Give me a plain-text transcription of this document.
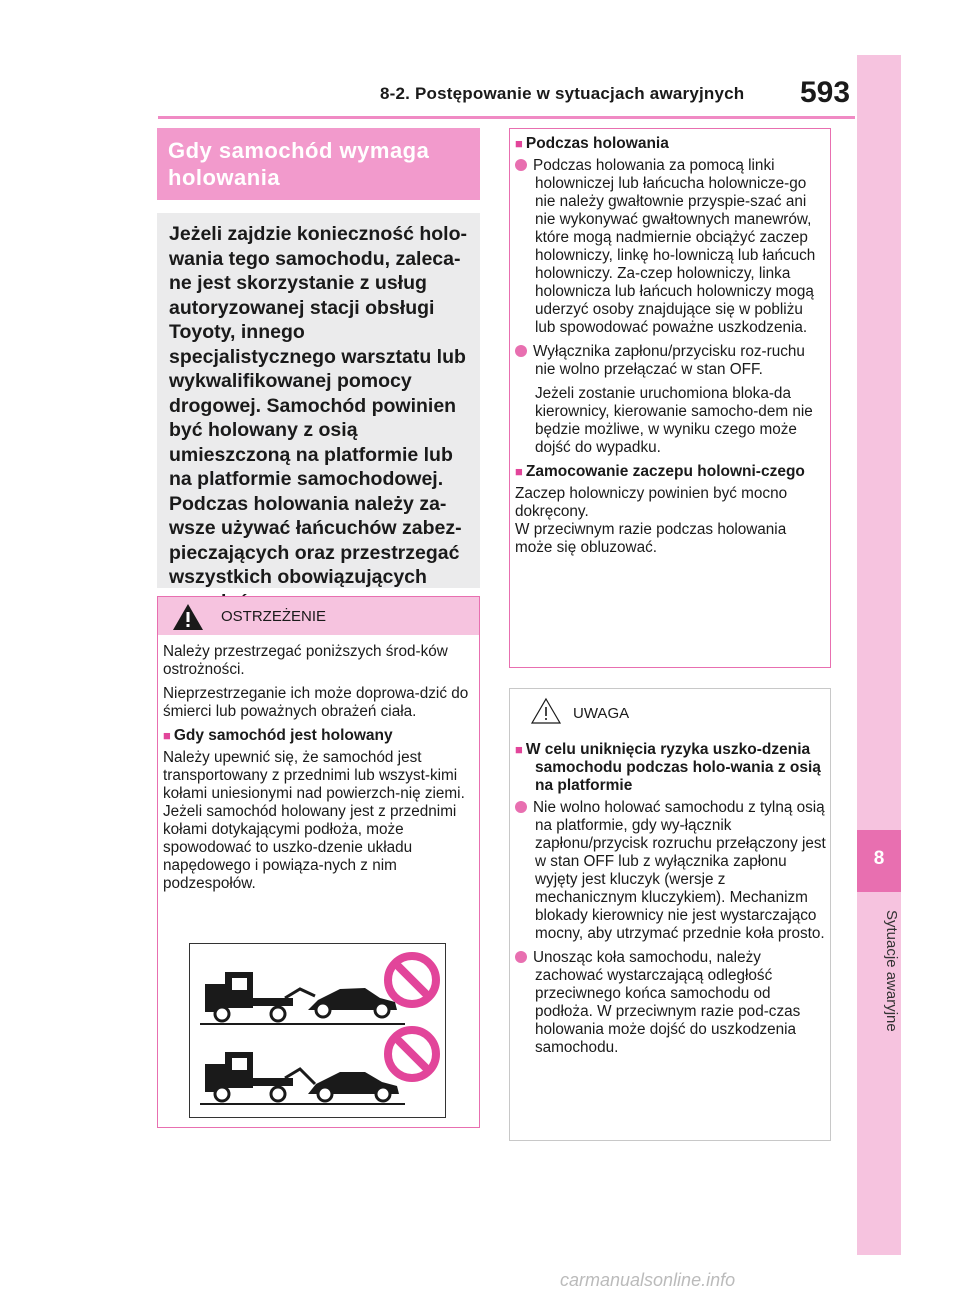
8-2. Postępowanie w sytuacjach awaryjnych 593
8
Sytuacje awaryjne
Gdy samochód wymaga holowania
Jeżeli zajdzie konieczność holo-wania tego samochodu, zaleca-ne jest skorzystanie z usług autoryzowanej stacji obsługi Toyoty, innego specjalistycznego warsztatu lub wykwalifikowanej pomocy drogowej. Samochód powinien być holowany z osią umieszczoną na platformie lub na platformie samochodowej. Podczas holowania należy za-wsze używać łańcuchów zabez-pieczających oraz przestrzegać wszystkich obowiązujących
OSTRZEŻENIE
Należy przestrzegać poniższych środ-ków ostrożności.
Nieprzestrzeganie ich może doprowa-dzić do śmierci lub poważnych obrażeń ciała.
■ Gdy samochód jest holowany
Należy upewnić się, że samochód jest transportowany z przednimi lub wszyst-kimi kołami uniesionymi nad powierzch-nię ziemi. Jeżeli samochód holowany jest z przednimi kołami dotykającymi podłoża, może spowodować to uszko-dzenie układu napędowego i powiąza-nych z nim podzespołów.
■ Podczas holowania
Podczas holowania za pomocą linki holowniczej lub łańcucha holownicze-go nie należy gwałtownie przyspie-szać ani nie wykonywać gwałtownych manewrów, które mogą nadmiernie obciążyć zaczep holowniczy, linkę ho-lowniczą lub łańcuch holowniczy. Za-czep holowniczy, linka holownicza lub łańcuch holowniczy mogą uderzyć osoby znajdujące się w pobliżu lub spowodować poważne uszkodzenia.
Wyłącznika zapłonu/przycisku roz-ruchu nie wolno przełączać w stan OFF.
Jeżeli zostanie uruchomiona bloka-da kierownicy, kierowanie samocho-dem nie będzie możliwe, w wyniku czego może dojść do wypadku.
■ Zamocowanie zaczepu holowni-czego
Zaczep holowniczy powinien być mocno dokręcony.
W przeciwnym razie podczas holowania może się obluzować.
UWAGA
■ W celu uniknięcia ryzyka uszko-dzenia samochodu podczas holo-wania z osią na platformie
Nie wolno holować samochodu z tylną osią na platformie, gdy wy-łącznik zapłonu/przycisk rozruchu przełączony jest w stan OFF lub z wyłącznika zapłonu wyjęty jest kluczyk (wersje z mechanicznym kluczykiem). Mechanizm blokady kierownicy nie jest wystarczająco mocny, aby utrzymać przednie koła prosto.
Unosząc koła samochodu, należy zachować wystarczającą odległość przeciwnego końca samochodu od podłoża. W przeciwnym razie pod-czas holowania może dojść do uszkodzenia samochodu.
carmanualsonline.info
